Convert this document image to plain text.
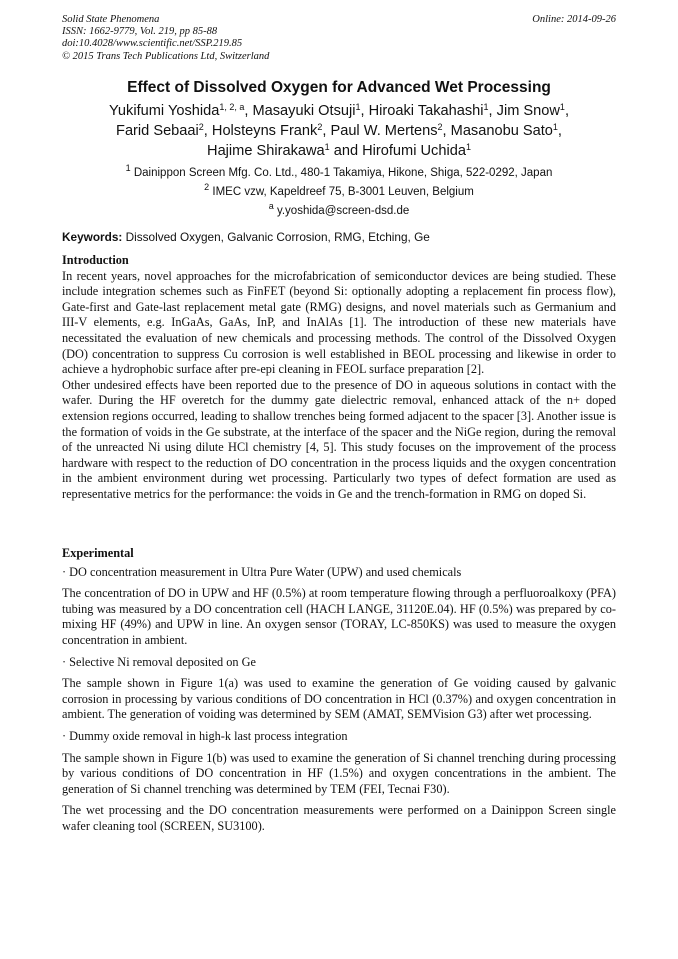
Solid State Phenomena
ISSN: 1662-9779, Vol. 219, pp 85-88
doi:10.4028/www.scientific.net/SSP.219.85
© 2015 Trans Tech Publications Ltd, Switzerland
Online: 2014-09-26
Effect of Dissolved Oxygen for Advanced Wet Processing
Yukifumi Yoshida$^{1, 2, a}$, Masayuki Otsuji$^1$, Hiroaki Takahashi$^1$, Jim Snow$^1$,
Farid Sebaai$^2$, Holsteyns Frank$^2$, Paul W. Mertens$^2$, Masanobu Sato$^1$,
Hajime Shirakawa$^1$ and Hirofumi Uchida$^1$
$^1$ Dainippon Screen Mfg. Co. Ltd., 480-1 Takamiya, Hikone, Shiga, 522-0292, Japan
$^2$ IMEC vzw, Kapeldreef 75, B-3001 Leuven, Belgium
$^a$ y.yoshida@screen-dsd.de
Keywords: Dissolved Oxygen, Galvanic Corrosion, RMG, Etching, Ge
Introduction

In recent years, novel approaches for the microfabrication of semiconductor devices are being studied. These include integration schemes such as FinFET (beyond Si: optionally adopting a replacement fin process flow), Gate-first and Gate-last replacement metal gate (RMG) designs, and novel materials such as Germanium and III-V elements, e.g. InGaAs, GaAs, InP, and InAlAs [1]. The introduction of these new materials have necessitated the evaluation of new chemicals and processing methods. The control of the Dissolved Oxygen (DO) concentration to suppress Cu corrosion is well established in BEOL processing and likewise in order to achieve a hydrophobic surface after pre-epi cleaning in FEOL surface preparation [2].

Other undesired effects have been reported due to the presence of DO in aqueous solutions in contact with the wafer. During the HF overetch for the dummy gate dielectric removal, enhanced attack of the n+ doped extension regions occurred, leading to shallow trenches being formed adjacent to the spacer [3]. Another issue is the formation of voids in the Ge substrate, at the interface of the spacer and the NiGe region, during the removal of the unreacted Ni using dilute HCl chemistry [4, 5]. This study focuses on the improvement of the process hardware with respect to the reduction of DO concentration in the process liquids and the oxygen concentration in the ambient environment during wet processing. Particularly two types of defect formation are used as representative metrics for the performance: the voids in Ge and the trench-formation in RMG on doped Si.

Experimental

· DO concentration measurement in Ultra Pure Water (UPW) and used chemicals

The concentration of DO in UPW and HF (0.5%) at room temperature flowing through a perfluoroalkoxy (PFA) tubing was measured by a DO concentration cell (HACH LANGE, 31120E.04). HF (0.5%) was prepared by co-mixing HF (49%) and UPW in line. An oxygen sensor (TORAY, LC-850KS) was used to measure the oxygen concentration in ambient.

· Selective Ni removal deposited on Ge

The sample shown in Figure 1(a) was used to examine the generation of Ge voiding caused by galvanic corrosion in processing by various conditions of DO concentration in HCl (0.37%) and oxygen concentration in ambient. The generation of voiding was determined by SEM (AMAT, SEMVision G3) after wet processing.

· Dummy oxide removal in high-k last process integration

The sample shown in Figure 1(b) was used to examine the generation of Si channel trenching during processing by various conditions of DO concentration in HF (1.5%) and oxygen concentrations in the ambient. The generation of Si channel trenching was determined by TEM (FEI, Tecnai F30).

The wet processing and the DO concentration measurements were performed on a Dainippon Screen single wafer cleaning tool (SCREEN, SU3100).
